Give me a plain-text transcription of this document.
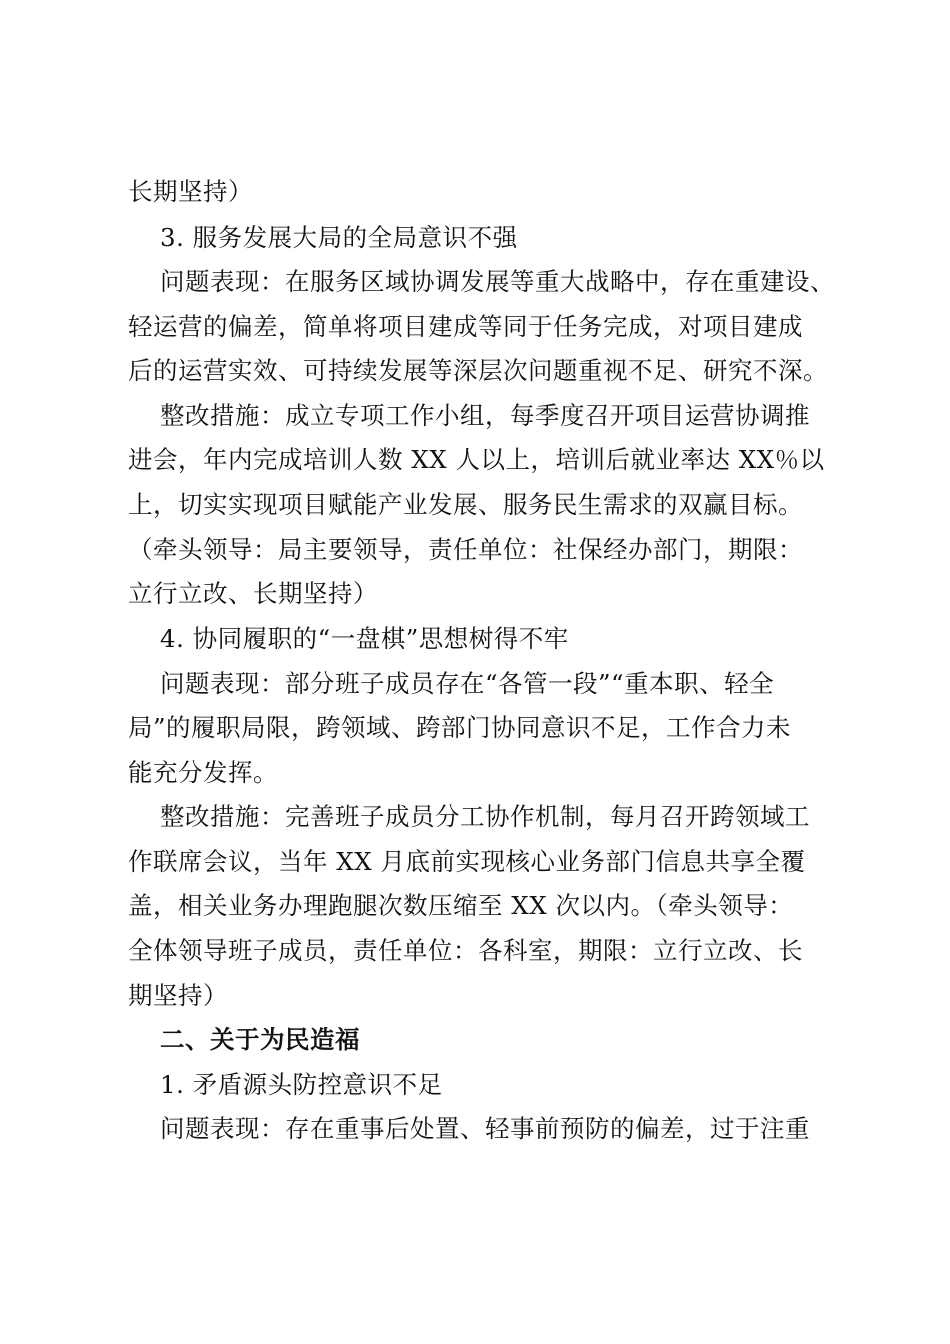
长期坚持）
3. 服务发展大局的全局意识不强
问题表现：在服务区域协调发展等重大战略中，存在重建设、
轻运营的偏差，简单将项目建成等同于任务完成，对项目建成
后的运营实效、可持续发展等深层次问题重视不足、研究不深。
整改措施：成立专项工作小组，每季度召开项目运营协调推
进会，年内完成培训人数 XX 人以上，培训后就业率达 XX％以
上，切实实现项目赋能产业发展、服务民生需求的双赢目标。
（牵头领导：局主要领导，责任单位：社保经办部门，期限：
立行立改、长期坚持）
4. 协同履职的“一盘棋”思想树得不牢
问题表现：部分班子成员存在“各管一段”“重本职、轻全
局”的履职局限，跨领域、跨部门协同意识不足，工作合力未
能充分发挥。
整改措施：完善班子成员分工协作机制，每月召开跨领域工
作联席会议，当年 XX 月底前实现核心业务部门信息共享全覆
盖，相关业务办理跑腿次数压缩至 XX 次以内。（牵头领导：
全体领导班子成员，责任单位：各科室，期限：立行立改、长
期坚持）
二、关于为民造福
1. 矛盾源头防控意识不足
问题表现：存在重事后处置、轻事前预防的偏差，过于注重
